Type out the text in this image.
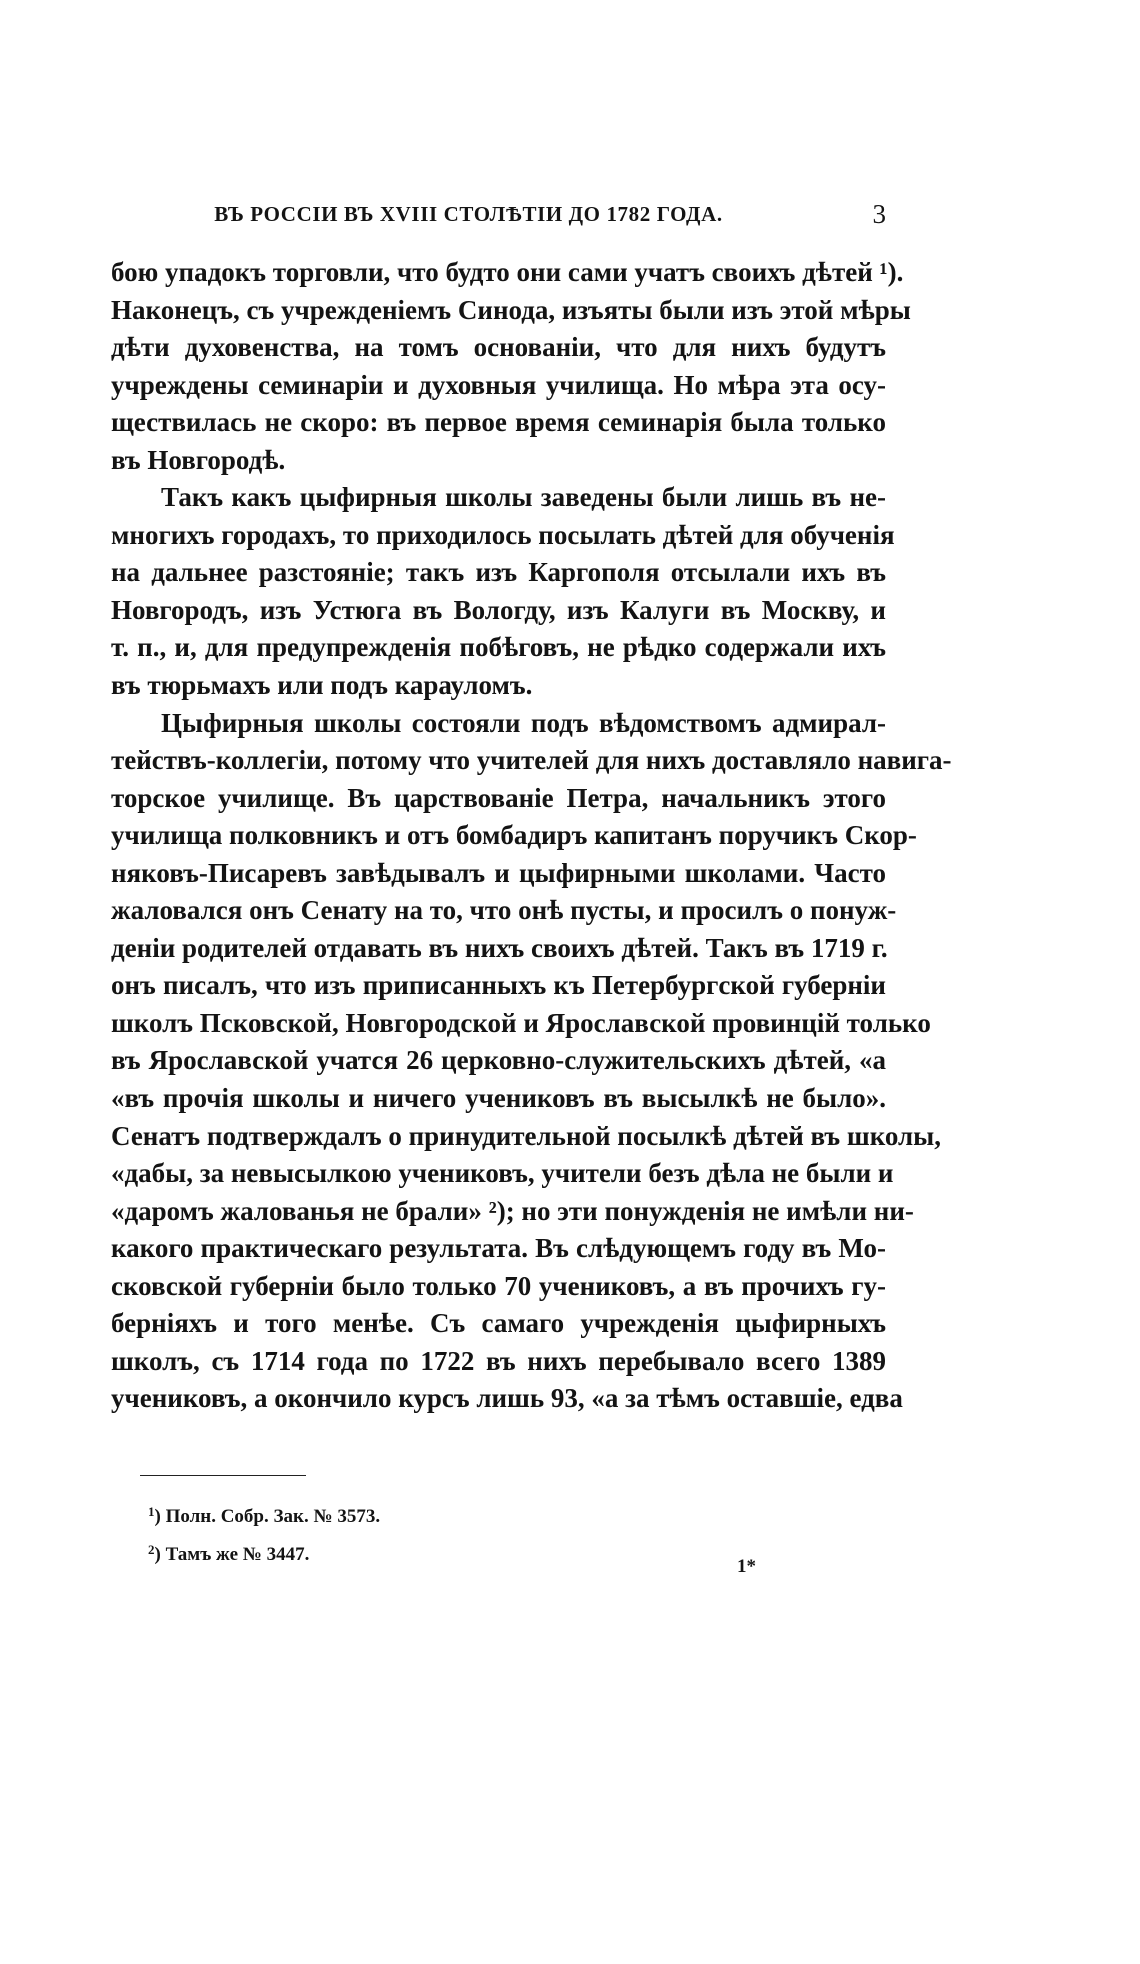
ВЪ РОССІИ ВЪ XVIII СТОЛѢТІИ ДО 1782 ГОДА.	3
бою упадокъ торговли, что будто они сами учатъ своихъ дѣтей ¹).
Наконецъ, съ учрежденіемъ Синода, изъяты были изъ этой мѣры
дѣти духовенства, на томъ основаніи, что для нихъ будутъ
учреждены семинаріи и духовныя училища. Но мѣра эта осу-
ществилась не скоро: въ первое время семинарія была только
въ Новгородѣ.
Такъ какъ цыфирныя школы заведены были лишь въ не-
многихъ городахъ, то приходилось посылать дѣтей для обученія
на дальнее разстояніе; такъ изъ Каргополя отсылали ихъ въ
Новгородъ, изъ Устюга въ Вологду, изъ Калуги въ Москву, и
т. п., и, для предупрежденія побѣговъ, не рѣдко содержали ихъ
въ тюрьмахъ или подъ карауломъ.
Цыфирныя школы состояли подъ вѣдомствомъ адмирал-
тействъ-коллегіи, потому что учителей для нихъ доставляло навига-
торское училище. Въ царствованіе Петра, начальникъ этого
училища полковникъ и отъ бомбадиръ капитанъ поручикъ Скор-
няковъ-Писаревъ завѣдывалъ и цыфирными школами. Часто
жаловался онъ Сенату на то, что онѣ пусты, и просилъ о понуж-
деніи родителей отдавать въ нихъ своихъ дѣтей. Такъ въ 1719 г.
онъ писалъ, что изъ приписанныхъ къ Петербургской губерніи
школъ Псковской, Новгородской и Ярославской провинцій только
въ Ярославской учатся 26 церковно-служительскихъ дѣтей, «а
«въ прочія школы и ничего учениковъ въ высылкѣ не было».
Сенатъ подтверждалъ о принудительной посылкѣ дѣтей въ школы,
«дабы, за невысылкою учениковъ, учители безъ дѣла не были и
«даромъ жалованья не брали» ²); но эти понужденія не имѣли ни-
какого практическаго результата. Въ слѣдующемъ году въ Мо-
сковской губерніи было только 70 учениковъ, а въ прочихъ гу-
берніяхъ и того менѣе. Съ самаго учрежденія цыфирныхъ
школъ, съ 1714 года по 1722 въ нихъ перебывало всего 1389
учениковъ, а окончило курсъ лишь 93, «а за тѣмъ оставшіе, едва
$^1$) Полн. Собр. Зак. № 3573.
$^2$) Тамъ же № 3447.
1*
